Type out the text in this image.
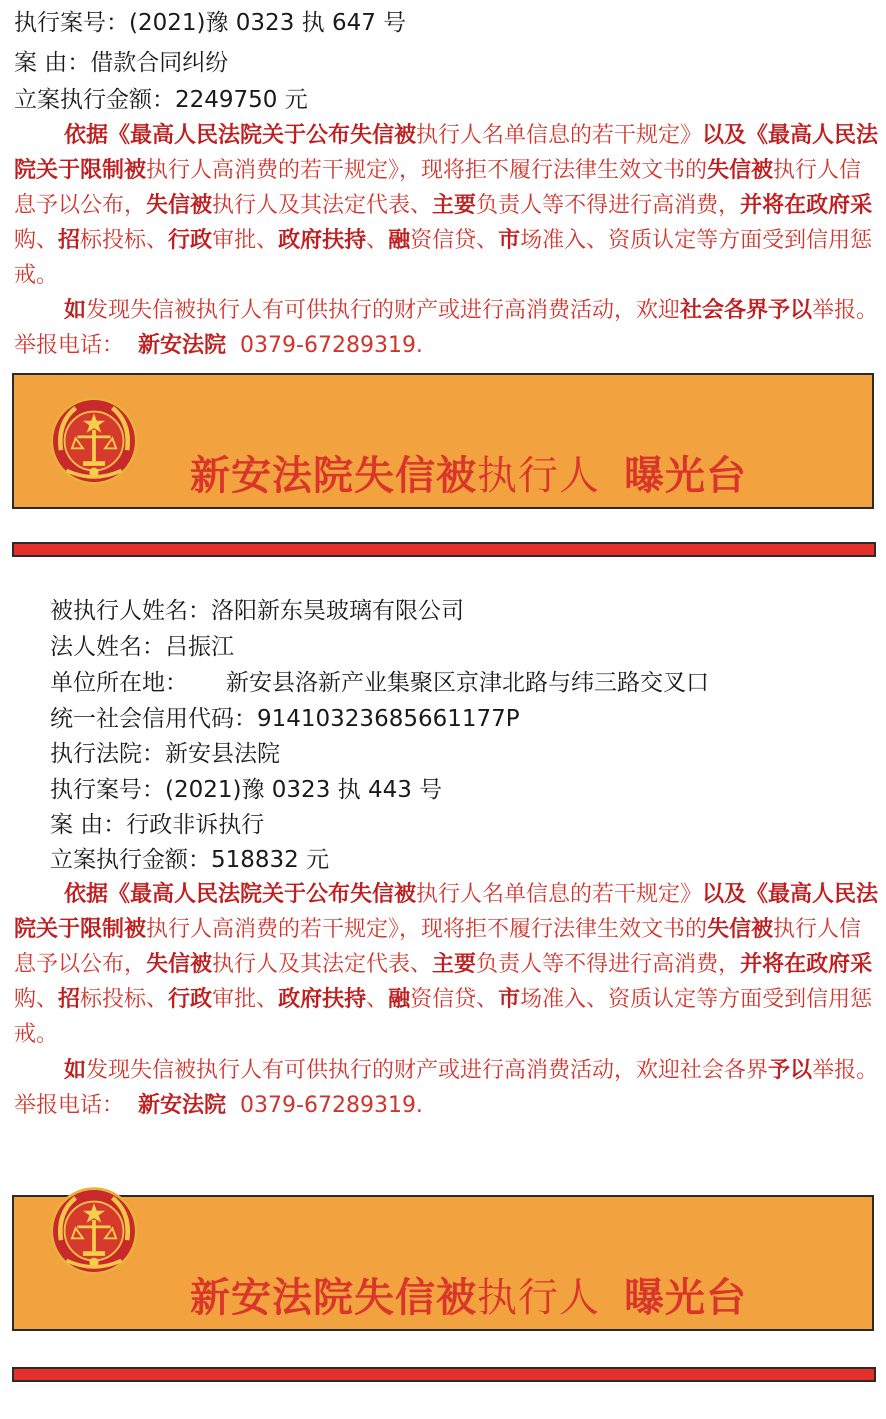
执行案号：(2021)豫 0323 执 647 号
案 由：借款合同纠纷
立案执行金额：2249750 元
依据《最高人民法院关于公布失信被执行人名单信息的若干规定》以及《最高人民法院关于限制被执行人高消费的若干规定》，现将拒不履行法律生效文书的失信被执行人信息予以公布，失信被执行人及其法定代表、主要负责人等不得进行高消费，并将在政府采购、招标投标、行政审批、政府扶持、融资信贷、市场准入、资质认定等方面受到信用惩戒。
如发现失信被执行人有可供执行的财产或进行高消费活动，欢迎社会各界予以举报。举报电话： 新安法院 0379-67289319.
新安法院失信被执行人 曝光台
被执行人姓名：洛阳新东昊玻璃有限公司
法人姓名：吕振江
单位所在地： 新安县洛新产业集聚区京津北路与纬三路交叉口
统一社会信用代码：91410323685661177P
执行法院：新安县法院
执行案号：(2021)豫 0323 执 443 号
案 由：行政非诉执行
立案执行金额：518832 元
依据《最高人民法院关于公布失信被执行人名单信息的若干规定》以及《最高人民法院关于限制被执行人高消费的若干规定》，现将拒不履行法律生效文书的失信被执行人信息予以公布，失信被执行人及其法定代表、主要负责人等不得进行高消费，并将在政府采购、招标投标、行政审批、政府扶持、融资信贷、市场准入、资质认定等方面受到信用惩戒。
如发现失信被执行人有可供执行的财产或进行高消费活动，欢迎社会各界予以举报。举报电话： 新安法院 0379-67289319.
新安法院失信被执行人 曝光台
